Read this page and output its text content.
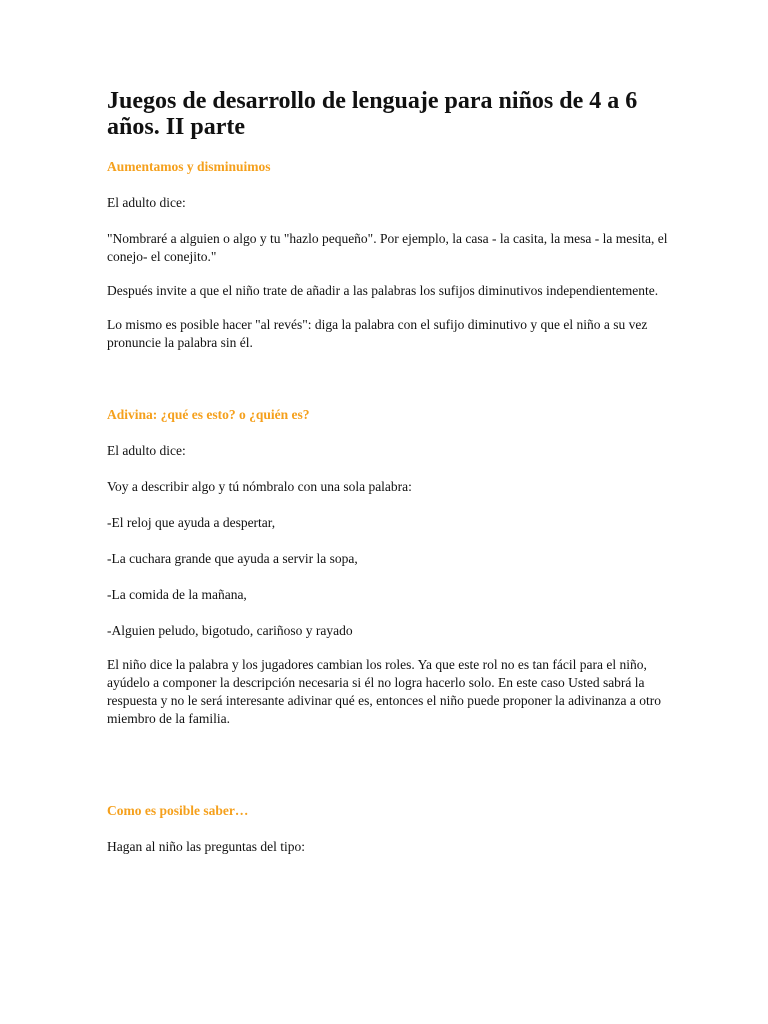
Juegos de desarrollo de lenguaje para niños de 4 a 6 años. II parte
Aumentamos y disminuimos

El adulto dice:

"Nombraré a alguien o algo y tu "hazlo pequeño". Por ejemplo, la casa - la casita, la mesa - la mesita, el conejo- el conejito."

Después invite a que el niño trate de añadir a las palabras los sufijos diminutivos independientemente.

Lo mismo es posible hacer "al revés": diga la palabra con el sufijo diminutivo y que el niño a su vez pronuncie la palabra sin él.

Adivina: ¿qué es esto? o ¿quién es?

El adulto dice:

Voy a describir algo y tú nómbralo con una sola palabra:

-El reloj que ayuda a despertar,

-La cuchara grande que ayuda a servir la sopa,

-La comida de la mañana,

-Alguien peludo, bigotudo, cariñoso y rayado

El niño dice la palabra y los jugadores cambian los roles. Ya que este rol no es tan fácil para el niño, ayúdelo a componer la descripción necesaria si él no logra hacerlo solo. En este caso Usted sabrá la respuesta y no le será interesante adivinar qué es, entonces el niño puede proponer la adivinanza a otro miembro de la familia.

Como es posible saber…

Hagan al niño las preguntas del tipo:
